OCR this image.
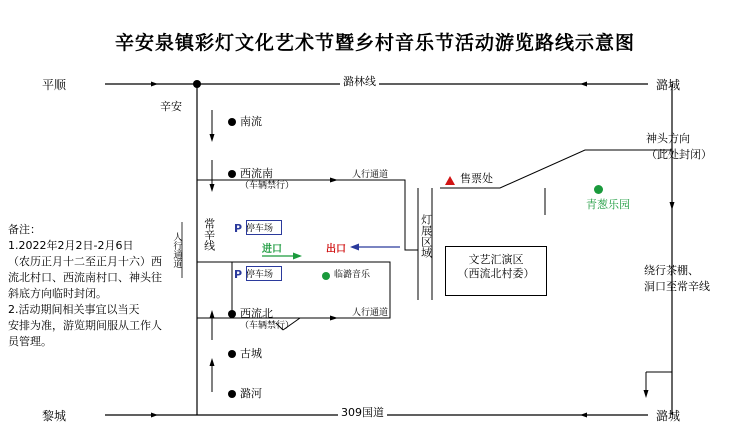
辛安泉镇彩灯文化艺术节暨乡村音乐节活动游览路线示意图
平顺	潞城
黎城	潞城
潞林线
309国道
常辛线
人行通道
备注：
1.2022年2月2日-2月6日
（农历正月十二至正月十六）西
流北村口、西流南村口、神头往
斜底方向临时封闭。
2.活动期间相关事宜以当天
安排为准，游览期间服从工作人
员管理。
辛安
南流
西流南
（车辆禁行）
西流北
（车辆禁行）
古城
潞河
人行通道
人行通道
P 停车场
P 停车场
进口	出口
临潞音乐
灯展区域
售票处
文艺汇演区
（西流北村委）
神头方向
（此处封闭）
青葱乐园
绕行茶棚、
洞口至常辛线
